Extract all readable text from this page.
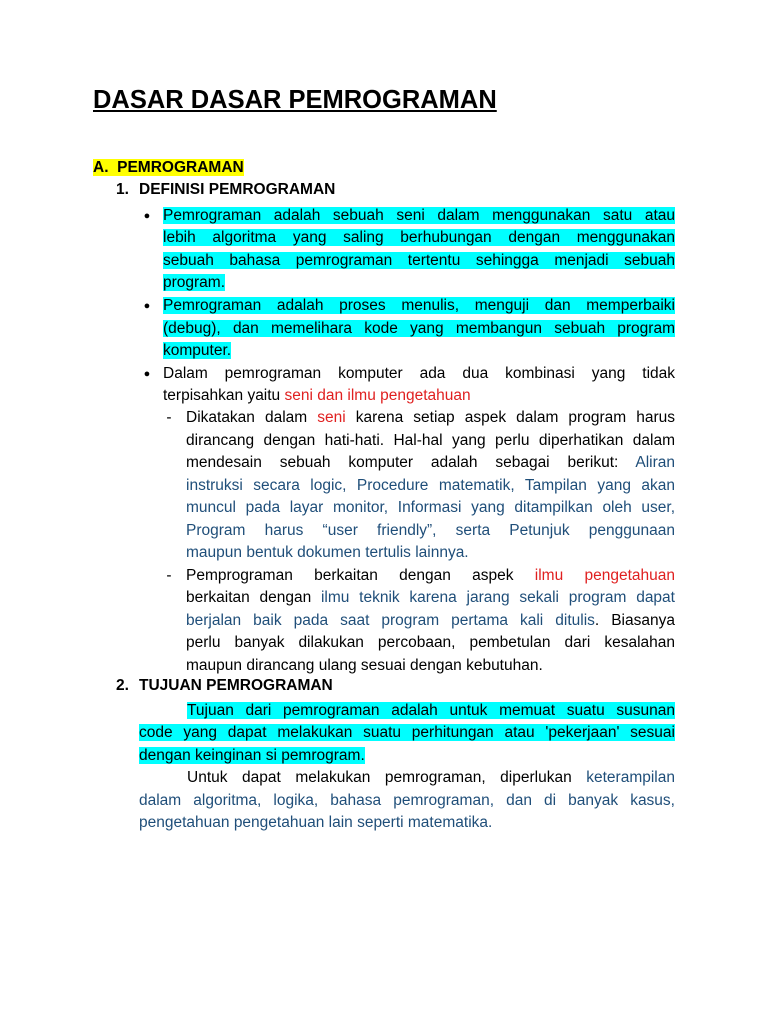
DASAR DASAR PEMROGRAMAN
A. PEMROGRAMAN
1. DEFINISI PEMROGRAMAN
● Pemrograman adalah sebuah seni dalam menggunakan satu atau
lebih algoritma yang saling berhubungan dengan menggunakan
sebuah bahasa pemrograman tertentu sehingga menjadi sebuah
program.
● Pemrograman adalah proses menulis, menguji dan memperbaiki
(debug), dan memelihara kode yang membangun sebuah program
komputer.
● Dalam pemrograman komputer ada dua kombinasi yang tidak
terpisahkan yaitu seni dan ilmu pengetahuan
- Dikatakan dalam seni karena setiap aspek dalam program harus
dirancang dengan hati-hati. Hal-hal yang perlu diperhatikan dalam
mendesain sebuah komputer adalah sebagai berikut: Aliran
instruksi secara logic, Procedure matematik, Tampilan yang akan
muncul pada layar monitor, Informasi yang ditampilkan oleh user,
Program harus “user friendly”, serta Petunjuk penggunaan
maupun bentuk dokumen tertulis lainnya.
- Pemprograman berkaitan dengan aspek ilmu pengetahuan
berkaitan dengan ilmu teknik karena jarang sekali program dapat
berjalan baik pada saat program pertama kali ditulis. Biasanya
perlu banyak dilakukan percobaan, pembetulan dari kesalahan
maupun dirancang ulang sesuai dengan kebutuhan.
2. TUJUAN PEMROGRAMAN
Tujuan dari pemrograman adalah untuk memuat suatu susunan
code yang dapat melakukan suatu perhitungan atau 'pekerjaan' sesuai
dengan keinginan si pemrogram.
Untuk dapat melakukan pemrograman, diperlukan keterampilan
dalam algoritma, logika, bahasa pemrograman, dan di banyak kasus,
pengetahuan pengetahuan lain seperti matematika.
